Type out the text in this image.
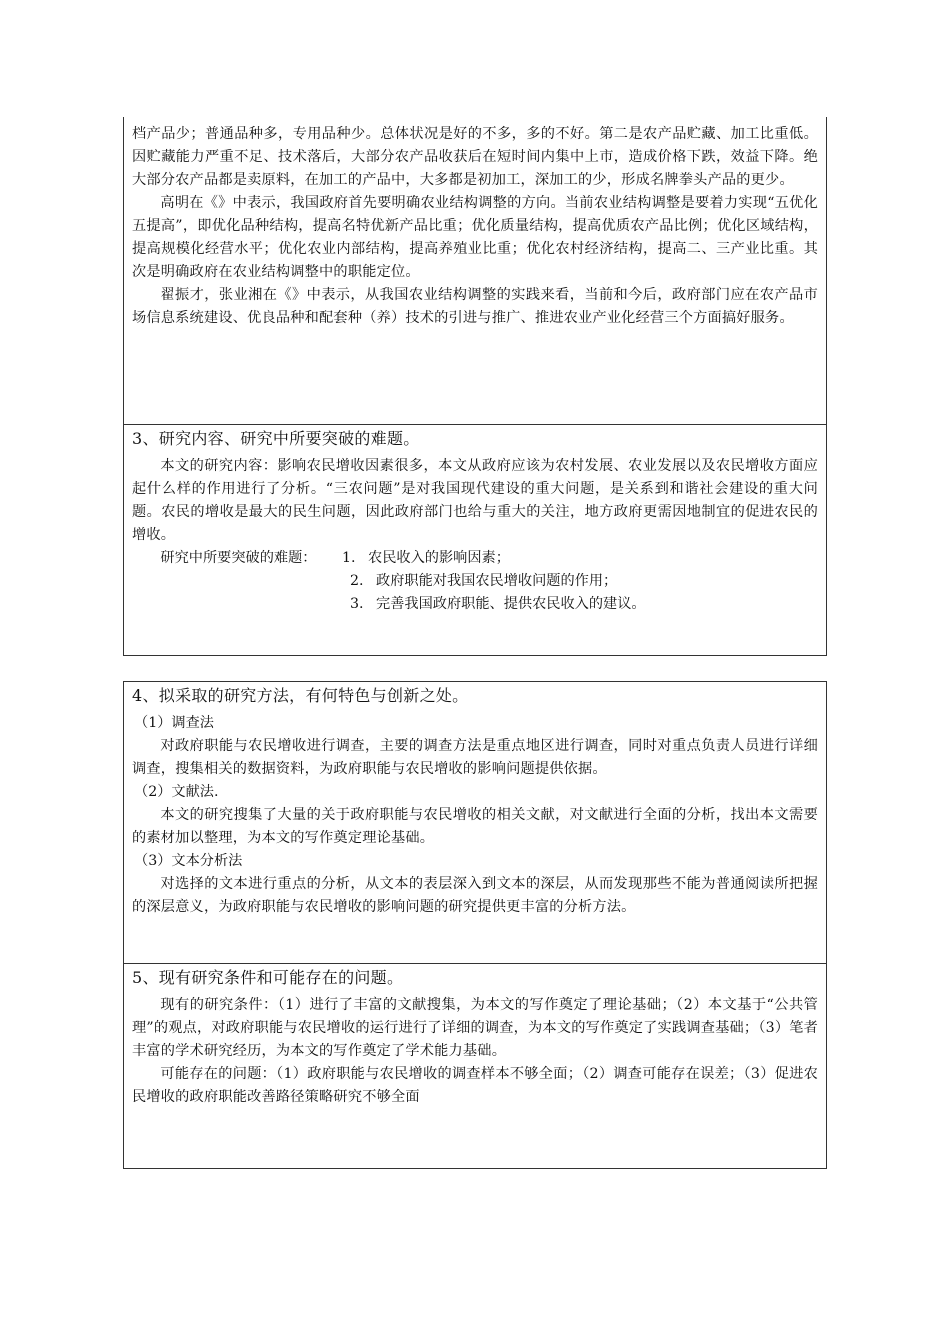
档产品少；普通品种多，专用品种少。总体状况是好的不多，多的不好。第二是农产品贮藏、加工比重低。因贮藏能力严重不足、技术落后，大部分农产品收获后在短时间内集中上市，造成价格下跌，效益下降。绝大部分农产品都是卖原料，在加工的产品中，大多都是初加工，深加工的少，形成名牌拳头产品的更少。

高明在《》中表示，我国政府首先要明确农业结构调整的方向。当前农业结构调整是要着力实现“五优化五提高”，即优化品种结构，提高名特优新产品比重；优化质量结构，提高优质农产品比例；优化区域结构，提高规模化经营水平；优化农业内部结构，提高养殖业比重；优化农村经济结构，提高二、三产业比重。其次是明确政府在农业结构调整中的职能定位。

翟振才，张业湘在《》中表示，从我国农业结构调整的实践来看，当前和今后，政府部门应在农产品市场信息系统建设、优良品种和配套种（养）技术的引进与推广、推进农业产业化经营三个方面搞好服务。

3、研究内容、研究中所要突破的难题。

本文的研究内容：影响农民增收因素很多，本文从政府应该为农村发展、农业发展以及农民增收方面应起什么样的作用进行了分析。“三农问题”是对我国现代建设的重大问题，是关系到和谐社会建设的重大问题。农民的增收是最大的民生问题，因此政府部门也给与重大的关注，地方政府更需因地制宜的促进农民的增收。

研究中所要突破的难题：	1. 农民收入的影响因素；
2. 政府职能对我国农民增收问题的作用；
3. 完善我国政府职能、提供农民收入的建议。
4、拟采取的研究方法，有何特色与创新之处。
（1）调查法

对政府职能与农民增收进行调查，主要的调查方法是重点地区进行调查，同时对重点负责人员进行详细调查，搜集相关的数据资料，为政府职能与农民增收的影响问题提供依据。

（2）文献法.

本文的研究搜集了大量的关于政府职能与农民增收的相关文献，对文献进行全面的分析，找出本文需要的素材加以整理，为本文的写作奠定理论基础。

（3）文本分析法

对选择的文本进行重点的分析，从文本的表层深入到文本的深层，从而发现那些不能为普通阅读所把握的深层意义，为政府职能与农民增收的影响问题的研究提供更丰富的分析方法。

5、现有研究条件和可能存在的问题。

现有的研究条件：（1）进行了丰富的文献搜集，为本文的写作奠定了理论基础；（2）本文基于“公共管理”的观点，对政府职能与农民增收的运行进行了详细的调查，为本文的写作奠定了实践调查基础；（3）笔者丰富的学术研究经历，为本文的写作奠定了学术能力基础。

可能存在的问题：（1）政府职能与农民增收的调查样本不够全面；（2）调查可能存在误差；（3）促进农民增收的政府职能改善路径策略研究不够全面
